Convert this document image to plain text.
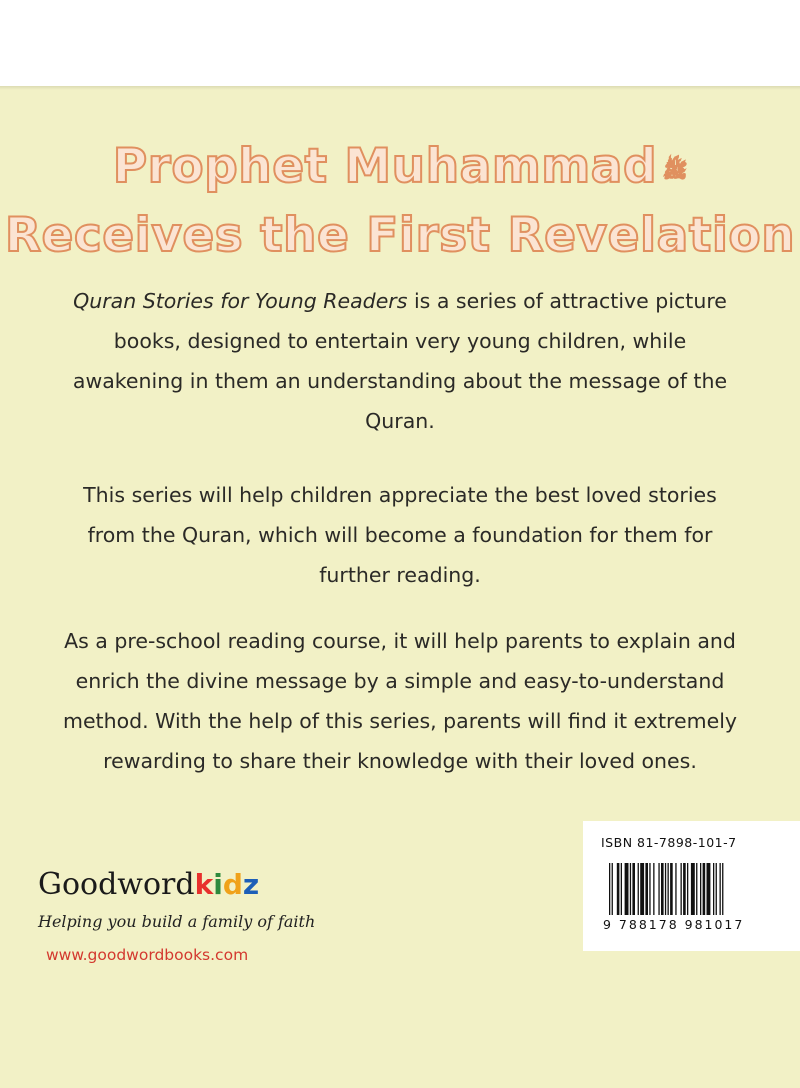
Prophet Muhammad ﷺ
Receives the First Revelation
Quran Stories for Young Readers is a series of attractive picture books, designed to entertain very young children, while awakening in them an understanding about the message of the Quran.
This series will help children appreciate the best loved stories from the Quran, which will become a foundation for them for further reading.
As a pre-school reading course, it will help parents to explain and enrich the divine message by a simple and easy-to-understand method. With the help of this series, parents will find it extremely rewarding to share their knowledge with their loved ones.
Goodwordkidz
Helping you build a family of faith
www.goodwordbooks.com
ISBN 81-7898-101-7
9 788178 981017
